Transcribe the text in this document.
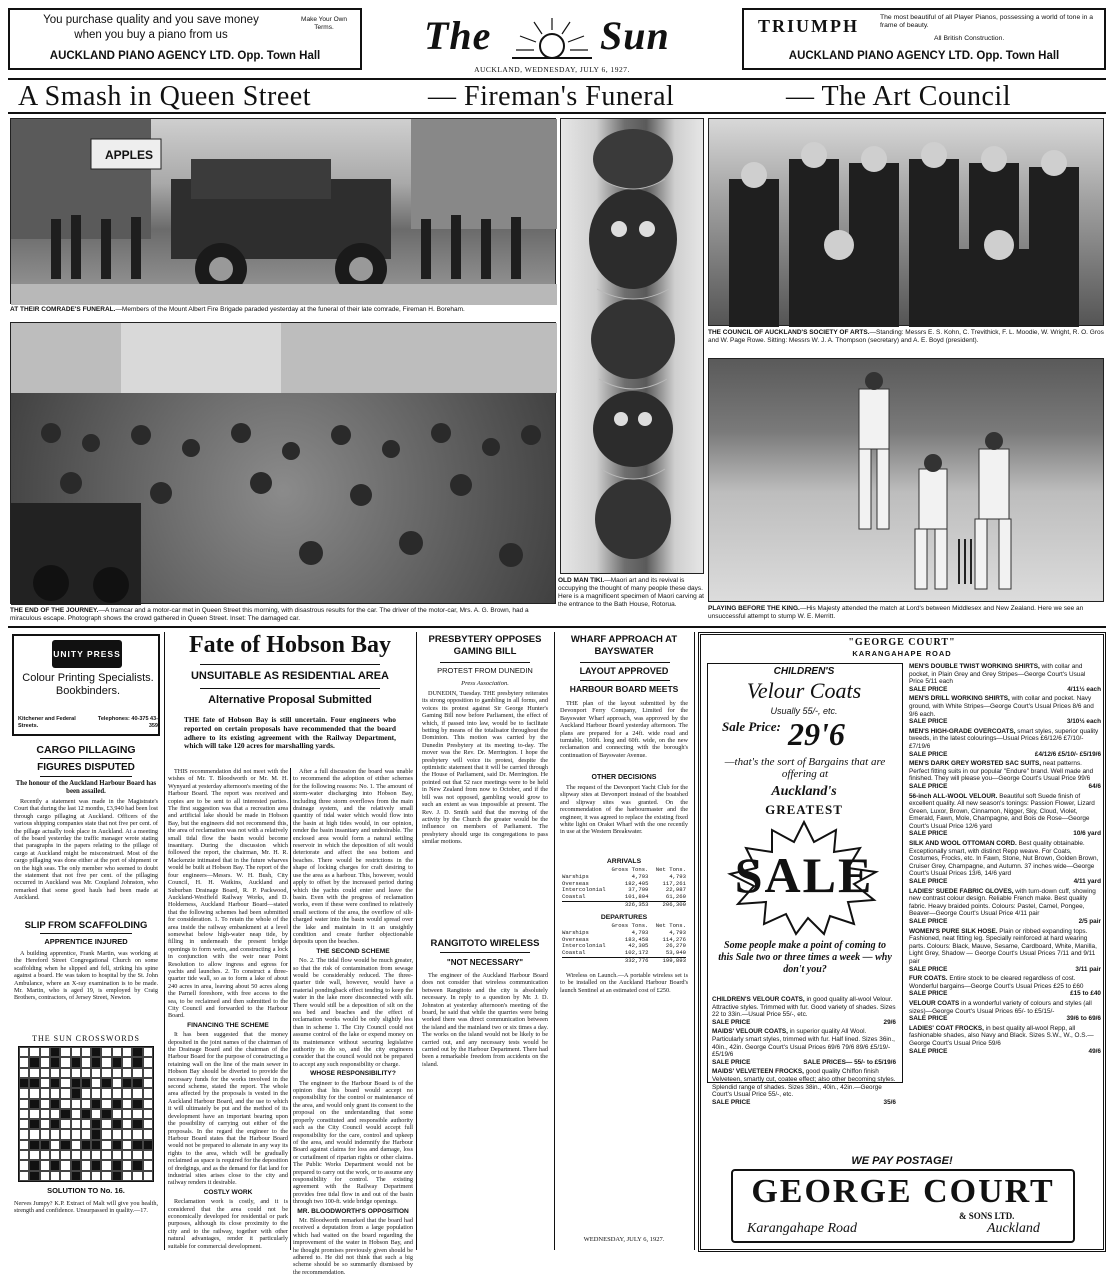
You purchase quality and you save money
when you buy a piano from us
Make Your Own Terms.
AUCKLAND PIANO AGENCY LTD. Opp. Town Hall	The	Sun
AUCKLAND, WEDNESDAY, JULY 6, 1927.
TRIUMPH	The most beautiful of all Player Pianos, possessing a world of tone in a frame of beauty.
All British Construction.
AUCKLAND PIANO AGENCY LTD. Opp. Town Hall
A Smash in Queen Street	— Fireman's Funeral	— The Art Council
APPLES
AT THEIR COMRADE'S FUNERAL.—Members of the Mount Albert Fire Brigade paraded yesterday at the funeral of their late comrade, Fireman H. Boreham.
THE END OF THE JOURNEY.—A tramcar and a motor-car met in Queen Street this morning, with disastrous results for the car. The driver of the motor-car, Mrs. A. G. Brown, had a miraculous escape. Photograph shows the crowd gathered in Queen Street. Inset: The damaged car.
OLD MAN TIKI.—Maori art and its revival is occupying the thought of many people these days. Here is a magnificent specimen of Maori carving at the entrance to the Bath House, Rotorua.
THE COUNCIL OF AUCKLAND'S SOCIETY OF ARTS.—Standing: Messrs E. S. Kohn, C. Trevithick, F. L. Moodie, W. Wright, R. O. Gros and W. Page Rowe. Sitting: Messrs W. J. A. Thompson (secretary) and A. E. Boyd (president).
PLAYING BEFORE THE KING.—His Majesty attended the match at Lord's between Middlesex and New Zealand. Here we see an unsuccessful attempt to stump W. E. Merritt.
UNITY PRESS
Colour Printing Specialists. Bookbinders.
Kitchener and Federal Streets.
Telephones: 40-375 43-359
CARGO PILLAGING
FIGURES DISPUTED
The honour of the Auckland Harbour Board has been assailed.
Recently a statement was made in the Magistrate's Court that during the last 12 months, £3,940 had been lost through cargo pillaging at Auckland. Officers of the various shipping companies state that not five per cent. of the pillage actually took place in Auckland. At a meeting of the board yesterday the traffic manager wrote stating that paragraphs in the papers relating to the pillage of cargo at Auckland might be misconstrued. Most of the cargo pillaging was done either at the port of shipment or on the high seas. The only member who seemed to doubt the statement that not five per cent. of the pillaging occurred in Auckland was Mr. Coupland Johnston, who remarked that some good hauls had been made at Auckland.
SLIP FROM SCAFFOLDING
APPRENTICE INJURED
A building apprentice, Frank Martin, was working at the Hereford Street Congregational Church on some scaffolding when he slipped and fell, striking his spine against a board. He was taken to hospital by the St. John Ambulance, where an X-ray examination is to be made. Mr. Martin, who is aged 19, is employed by Craig Brothers, contractors, of Jersey Street, Newton.
THE SUN CROSSWORDS
SOLUTION TO No. 16.
Nerves Jumpy? K.P. Extract of Malt will give you health, strength and confidence. Unsurpassed in quality.—17.
Fate of Hobson Bay
UNSUITABLE AS RESIDENTIAL AREA
Alternative Proposal Submitted
THE fate of Hobson Bay is still uncertain. Four engineers who reported on certain proposals have recommended that the board adhere to its existing agreement with the Railway Department, which will take 120 acres for marshalling yards.

THIS recommendation did not meet with the wishes of Mr. T. Bloodworth or Mr. M. H. Wynyard at yesterday afternoon's meeting of the Harbour Board. The report was received and copies are to be sent to all interested parties. The first suggestion was that a recreation area and artificial lake should be made in Hobson Bay, but the engineers did not recommend this, the area of reclamation was not with a relatively small tidal flow the basin would become insanitary. During the discussion which followed the report, the chairman, Mr. H. R. Mackenzie intimated that in the future wharves would be built at Hobson Bay. The report of the four engineers—Messrs. W. H. Bush, City Council, H. H. Watkins, Auckland and Suburban Drainage Board, R. P. Packwood, Auckland-Westfield Railway Works, and D. Holderness, Auckland Harbour Board—stated that the following schemes had been submitted for consideration. 1. To retain the whole of the area inside the railway embankment at a level somewhat below high-water neap tide, by filling in underneath the present bridge openings to form weirs, and constructing a lock in conjunction with the weir near Point Resolution to allow ingress and egress for yachts and launches. 2. To construct a three-quarter tide wall, so as to form a lake of about 240 acres in area, leaving about 50 acres along the Parnell foreshore, with free access to the sea, to be reclaimed and then submitted to the City Council and forwarded to the Harbour Board.

FINANCING THE SCHEME

It has been suggested that the money deposited in the joint names of the chairman of the Drainage Board and the chairman of the Harbour Board for the purpose of constructing a retaining wall on the line of the main sewer in Hobson Bay should be diverted to provide the necessary funds for the works involved in the second scheme, stated the report. The whole area affected by the proposals is vested in the Auckland Harbour Board, and the use to which it will ultimately be put and the method of its development have an important bearing upon the possibility of carrying out either of the proposals. In the regard the engineer to the Harbour Board states that the Harbour Board would not be prepared to alienate in any way its rights to the area, which will be gradually reclaimed as space is required for the deposition of dredgings, and as the demand for flat land for industrial sites arises close to the city and railway renders it desirable.

COSTLY WORK

Reclamation work is costly, and it is considered that the area could not be economically developed for residential or park purposes, although its close proximity to the city and to the railway, together with other natural advantages, render it particularly suitable for commercial development.

After a full discussion the board was unable to recommend the adoption of either schemes for the following reasons: No. 1. The amount of storm-water discharging into Hobson Bay, including three storm overflows from the main drainage system, and the relatively small quantity of tidal water which would flow into the basin at high tides would, in our opinion, render the basin insanitary and undesirable. The enclosed area would form a natural settling reservoir in which the deposition of silt would deteriorate and affect the sea bottom and beaches. There would be restrictions in the shape of locking charges for craft desiring to use the area as a harbour. This, however, would apply to offset by the increased period during which the yachts could enter and leave the basin. Even with the progress of reclamation works, even if these were confined to relatively small sections of the area, the overflow of silt-charged water into the basin would spread over the lake and maintain in it an unsightly condition and create further objectionable deposits upon the beaches.

THE SECOND SCHEME

No. 2. The tidal flow would be much greater, so that the risk of contamination from sewage would be considerably reduced. The three-quarter tide wall, however, would have a material pondingback effect tending to keep the water in the lake more disconnected with silt. There would still be a deposition of silt on the sea bed and beaches and the effect of reclamation works would be only slightly less than in scheme 1. The City Council could not assume control of the lake or expend money on its maintenance without securing legislative authority to do so, and the city engineers consider that the council would not be prepared to accept any such responsibility or charge.

WHOSE RESPONSIBILITY?

The engineer to the Harbour Board is of the opinion that his board would accept no responsibility for the control or maintenance of the area, and would only grant its consent to the proposal on the understanding that some properly constituted and responsible authority such as the City Council would accept full responsibility for the care, control and upkeep of the area, and would indemnify the Harbour Board against claims for loss and damage, loss or curtailment of riparian rights or other claims. The Public Works Department would not be prepared to carry out the work, or to assume any responsibility for control. The existing agreement with the Railway Department provides free tidal flow in and out of the basin through two 100-ft. wide bridge openings.

MR. BLOODWORTH'S OPPOSITION

Mr. Bloodworth remarked that the board had received a deputation from a large population which had waited on the board regarding the improvement of the water in Hobson Bay, and he thought promises previously given should be adhered to. He did not think that such a big scheme should be so summarily dismissed by the recommendation.

PRESBYTERY OPPOSES GAMING BILL
PROTEST FROM DUNEDIN
Press Association.
DUNEDIN, Tuesday. THE presbytery reiterates its strong opposition to gambling in all forms, and voices its protest against Sir George Hunter's Gaming Bill now before Parliament, the effect of which, if passed into law, would be to facilitate betting by means of the totalisator throughout the Dominion. This motion was carried by the Dunedin Presbytery at its meeting to-day. The mover was the Rev. Dr. Merrington. I hope the presbytery will voice its protest, despite the optimistic statement that it will be carried through the House of Parliament, said Dr. Merrington. He pointed out that 52 race meetings were to be held in New Zealand from now to October, and if the bill was not opposed, gambling would grow to such an extent as was impossible at present. The Rev. J. D. Smith said that the moving of the activity by the Church the greater would be the influence on members of Parliament. The presbytery should urge its congregations to pass similar motions.
RANGITOTO WIRELESS
"NOT NECESSARY"
The engineer of the Auckland Harbour Board does not consider that wireless communication between Rangitoto and the city is absolutely necessary. In reply to a question by Mr. J. D. Johnston at yesterday afternoon's meeting of the board, he said that while the quarries were being worked there was direct communication between the island and the mainland two or six times a day. The works on the island would not be likely to be carried out, and any necessary tests would be carried out by the Harbour Department. There had been a remarkable freedom from accidents on the island.
WHARF APPROACH AT BAYSWATER
LAYOUT APPROVED
HARBOUR BOARD MEETS
THE plan of the layout submitted by the Devonport Ferry Company, Limited for the Bayswater Wharf approach, was approved by the Auckland Harbour Board yesterday afternoon. The plans are prepared for a 24ft. wide road and turntable, 160ft. long and 60ft. wide, on the new reclamation and connecting with the borough's continuation of Bayswater Avenue.
OTHER DECISIONS
The request of the Devonport Yacht Club for the slipway sites at Devonport instead of the boatshed and slipway sites was granted. On the recommendation of the harbourmaster and the engineer, it was agreed to replace the existing fixed white light on Orakei Wharf with the one recently in use at the Western Breakwater.
ARRIVALS
Gross Tons.	Net Tons.
Warships	4,793	4,793
Overseas	182,405	117,261
Intercolonial	37,709	22,987
Coastal	101,804	61,260
326,353	206,300
DEPARTURES
Gross Tons.	Net Tons.
Warships	4,793	4,793
Overseas	183,458	114,276
Intercolonial	42,305	26,270
Coastal	102,172	53,940
332,776	199,893
Wireless on Launch.—A portable wireless set is to be installed on the Auckland Harbour Board's launch Sentinel at an estimated cost of £250.
WEDNESDAY, JULY 6, 1927.
"GEORGE COURT"
KARANGAHAPE ROAD
CHILDREN'S
Velour Coats
Usually 55/-, etc.
Sale Price: 29'6
—that's the sort of Bargains that are offering at
Auckland's
GREATEST
SALE
Some people make a point of coming to this Sale two or three times a week — why don't you?
CHILDREN'S VELOUR COATS, in good quality all-wool Velour. Attractive styles. Trimmed with fur. Good variety of shades. Sizes 22 to 33in.—Usual Price 55/-, etc.
SALE PRICE	29/6
MAIDS' VELOUR COATS, in superior quality All Wool. Particularly smart styles, trimmed with fur. Half lined. Sizes 36in., 40in., 42in. George Court's Usual Prices 69/6 79/6 89/6 £5/19/- £5/19/6
SALE PRICE	SALE PRICES— 55/- to £5/19/6
MAIDS' VELVETEEN FROCKS, good quality Chiffon finish Velveteen, smartly cut, coatee effect; also other becoming styles. Splendid range of shades. Sizes 38in., 40in., 42in.—George Court's Usual Price 55/-, etc.
SALE PRICE	35/6
MEN'S DOUBLE TWIST WORKING SHIRTS, with collar and pocket, in Plain Grey and Grey Stripes—George Court's Usual Price 5/11 each
SALE PRICE	4/11½ each
MEN'S DRILL WORKING SHIRTS, with collar and pocket. Navy ground, with White Stripes—George Court's Usual Prices 8/6 and 9/6 each.
SALE PRICE	3/10½ each
MEN'S HIGH-GRADE OVERCOATS, smart styles, superior quality tweeds, in the latest colourings—Usual Prices £6/12/6 £7/10/- £7/19/6
SALE PRICE	£4/12/6 £5/10/- £5/19/6
MEN'S DARK GREY WORSTED SAC SUITS, neat patterns. Perfect fitting suits in our popular "Endure" brand. Well made and finished. They will please you—George Court's Usual Price 99/6
SALE PRICE	64/6
56-inch ALL-WOOL VELOUR. Beautiful soft Suede finish of excellent quality. All new season's tonings: Passion Flower, Lizard Green, Luxor, Brown, Cinnamon, Nigger, Sky, Cloud, Violet, Emerald, Fawn, Mole, Champagne, and Bois de Rose—George Court's Usual Price 12/6 yard
SALE PRICE	10/6 yard
SILK AND WOOL OTTOMAN CORD. Best quality obtainable. Exceptionally smart, with distinct Repp weave. For Coats, Costumes, Frocks, etc. In Fawn, Stone, Nut Brown, Golden Brown, Cruiser Grey, Champagne, and Autumn. 37 inches wide—George Court's Usual Prices 13/6, 14/6 yard
SALE PRICE	4/11 yard
LADIES' SUEDE FABRIC GLOVES, with turn-down cuff, showing new contrast colour design. Reliable French make. Best quality fabric. Heavy braided points. Colours: Pastel, Camel, Pongee, Beaver—George Court's Usual Price 4/11 pair
SALE PRICE	2/5 pair
WOMEN'S PURE SILK HOSE. Plain or ribbed expanding tops. Fashioned, neat fitting leg. Specially reinforced at hard wearing parts. Colours: Black, Mauve, Sesame, Cardboard, White, Manilla, Light Grey, Shadow — George Court's Usual Prices 7/11 and 9/11 pair
SALE PRICE	3/11 pair
FUR COATS. Entire stock to be cleared regardless of cost. Wonderful bargains—George Court's Usual Prices £25 to £60
SALE PRICE	£15 to £40
VELOUR COATS in a wonderful variety of colours and styles (all sizes)—George Court's Usual Prices 65/- to £5/15/-
SALE PRICE	39/6 to 69/6
LADIES' COAT FROCKS, in best quality all-wool Repp, all fashionable shades, also Navy and Black. Sizes S.W., W., O.S.—George Court's Usual Price 59/6
SALE PRICE	49/6
WE PAY POSTAGE!
GEORGE COURT
& SONS LTD.
Karangahape Road	Auckland
